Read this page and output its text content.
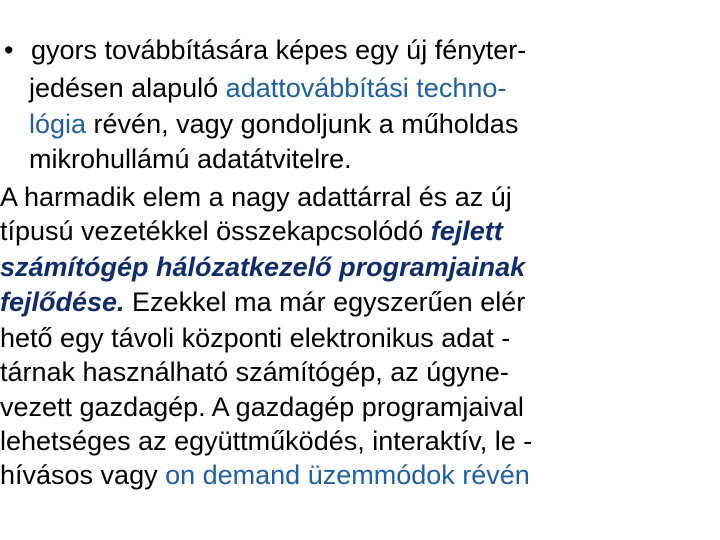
• gyors továbbítására képes egy új fényter-
jedésen alapuló adattovábbítási techno-
lógia révén, vagy gondoljunk a műholdas
mikrohullámú adatátvitelre.
A harmadik elem a nagy adattárral és az új
típusú vezetékkel összekapcsolódó fejlett
számítógép hálózatkezelő programjainak
fejlődése. Ezekkel ma már egyszerűen elér
hető egy távoli központi elektronikus adat -
tárnak használható számítógép, az úgyne-
vezett gazdagép. A gazdagép programjaival
lehetséges az együttműködés, interaktív, le -
hívásos vagy on demand üzemmódok révén
